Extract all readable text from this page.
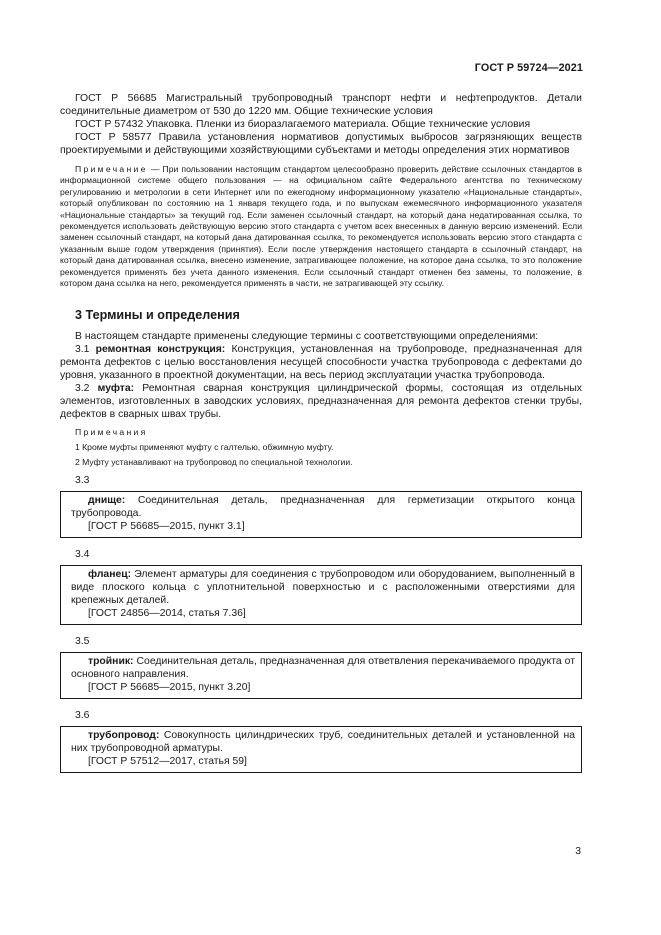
ГОСТ Р 59724—2021

ГОСТ Р 56685 Магистральный трубопроводный транспорт нефти и нефтепродуктов. Детали соединительные диаметром от 530 до 1220 мм. Общие технические условия

ГОСТ Р 57432 Упаковка. Пленки из биоразлагаемого материала. Общие технические условия

ГОСТ Р 58577 Правила установления нормативов допустимых выбросов загрязняющих веществ проектируемыми и действующими хозяйствующими субъектами и методы определения этих нормативов

Примечание — При пользовании настоящим стандартом целесообразно проверить действие ссылочных стандартов в информационной системе общего пользования — на официальном сайте Федерального агентства по техническому регулированию и метрологии в сети Интернет или по ежегодному информационному указателю «Национальные стандарты», который опубликован по состоянию на 1 января текущего года, и по выпускам ежемесячного информационного указателя «Национальные стандарты» за текущий год. Если заменен ссылочный стандарт, на который дана недатированная ссылка, то рекомендуется использовать действующую версию этого стандарта с учетом всех внесенных в данную версию изменений. Если заменен ссылочный стандарт, на который дана датированная ссылка, то рекомендуется использовать версию этого стандарта с указанным выше годом утверждения (принятия). Если после утверждения настоящего стандарта в ссылочный стандарт, на который дана датированная ссылка, внесено изменение, затрагивающее положение, на которое дана ссылка, то это положение рекомендуется применять без учета данного изменения. Если ссылочный стандарт отменен без замены, то положение, в котором дана ссылка на него, рекомендуется применять в части, не затрагивающей эту ссылку.

3 Термины и определения

В настоящем стандарте применены следующие термины с соответствующими определениями:

3.1 ремонтная конструкция: Конструкция, установленная на трубопроводе, предназначенная для ремонта дефектов с целью восстановления несущей способности участка трубопровода с дефектами до уровня, указанного в проектной документации, на весь период эксплуатации участка трубопровода.

3.2 муфта: Ремонтная сварная конструкция цилиндрической формы, состоящая из отдельных элементов, изготовленных в заводских условиях, предназначенная для ремонта дефектов стенки трубы, дефектов в сварных швах трубы.

Примечания

1 Кроме муфты применяют муфту с галтелью, обжимную муфту.

2 Муфту устанавливают на трубопровод по специальной технологии.

3.3

днище: Соединительная деталь, предназначенная для герметизации открытого конца трубопровода.

[ГОСТ Р 56685—2015, пункт 3.1]
3.4

фланец: Элемент арматуры для соединения с трубопроводом или оборудованием, выполненный в виде плоского кольца с уплотнительной поверхностью и с расположенными отверстиями для крепежных деталей.

[ГОСТ 24856—2014, статья 7.36]
3.5

тройник: Соединительная деталь, предназначенная для ответвления перекачиваемого продукта от основного направления.

[ГОСТ Р 56685—2015, пункт 3.20]
3.6

трубопровод: Совокупность цилиндрических труб, соединительных деталей и установленной на них трубопроводной арматуры.

[ГОСТ Р 57512—2017, статья 59]
3
